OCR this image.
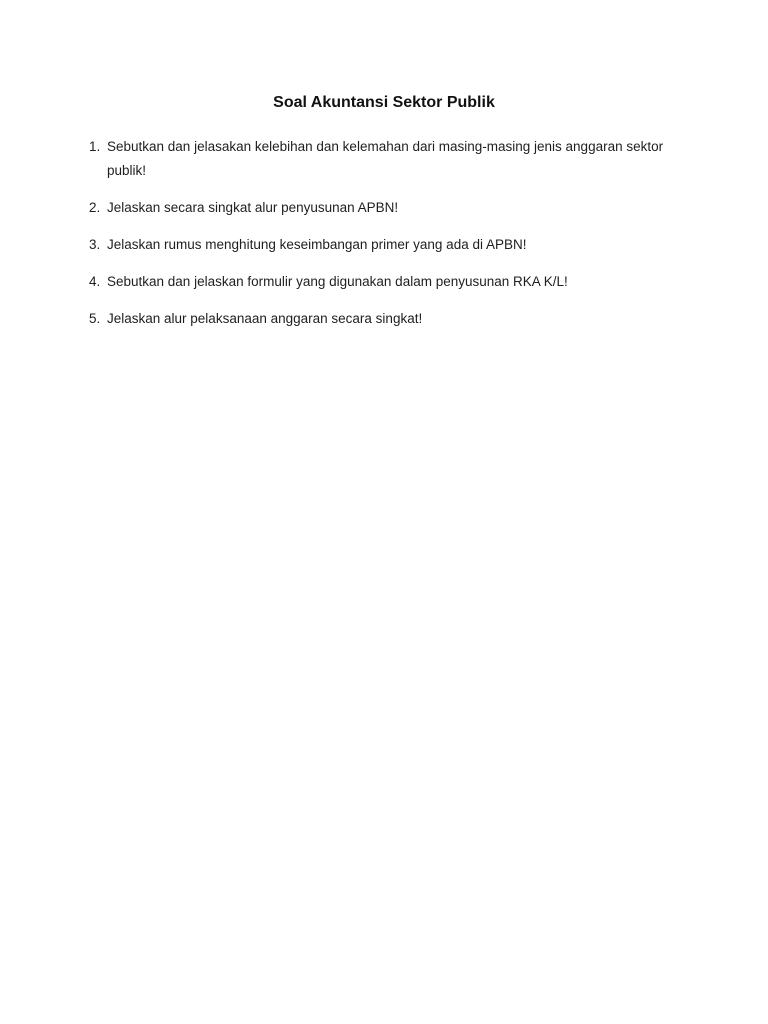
Soal Akuntansi Sektor Publik
1. Sebutkan dan jelasakan kelebihan dan kelemahan dari masing-masing jenis anggaran sektor publik!
2. Jelaskan secara singkat alur penyusunan APBN!
3. Jelaskan rumus menghitung keseimbangan primer yang ada di APBN!
4. Sebutkan dan jelaskan formulir yang digunakan dalam penyusunan RKA K/L!
5. Jelaskan alur pelaksanaan anggaran secara singkat!
